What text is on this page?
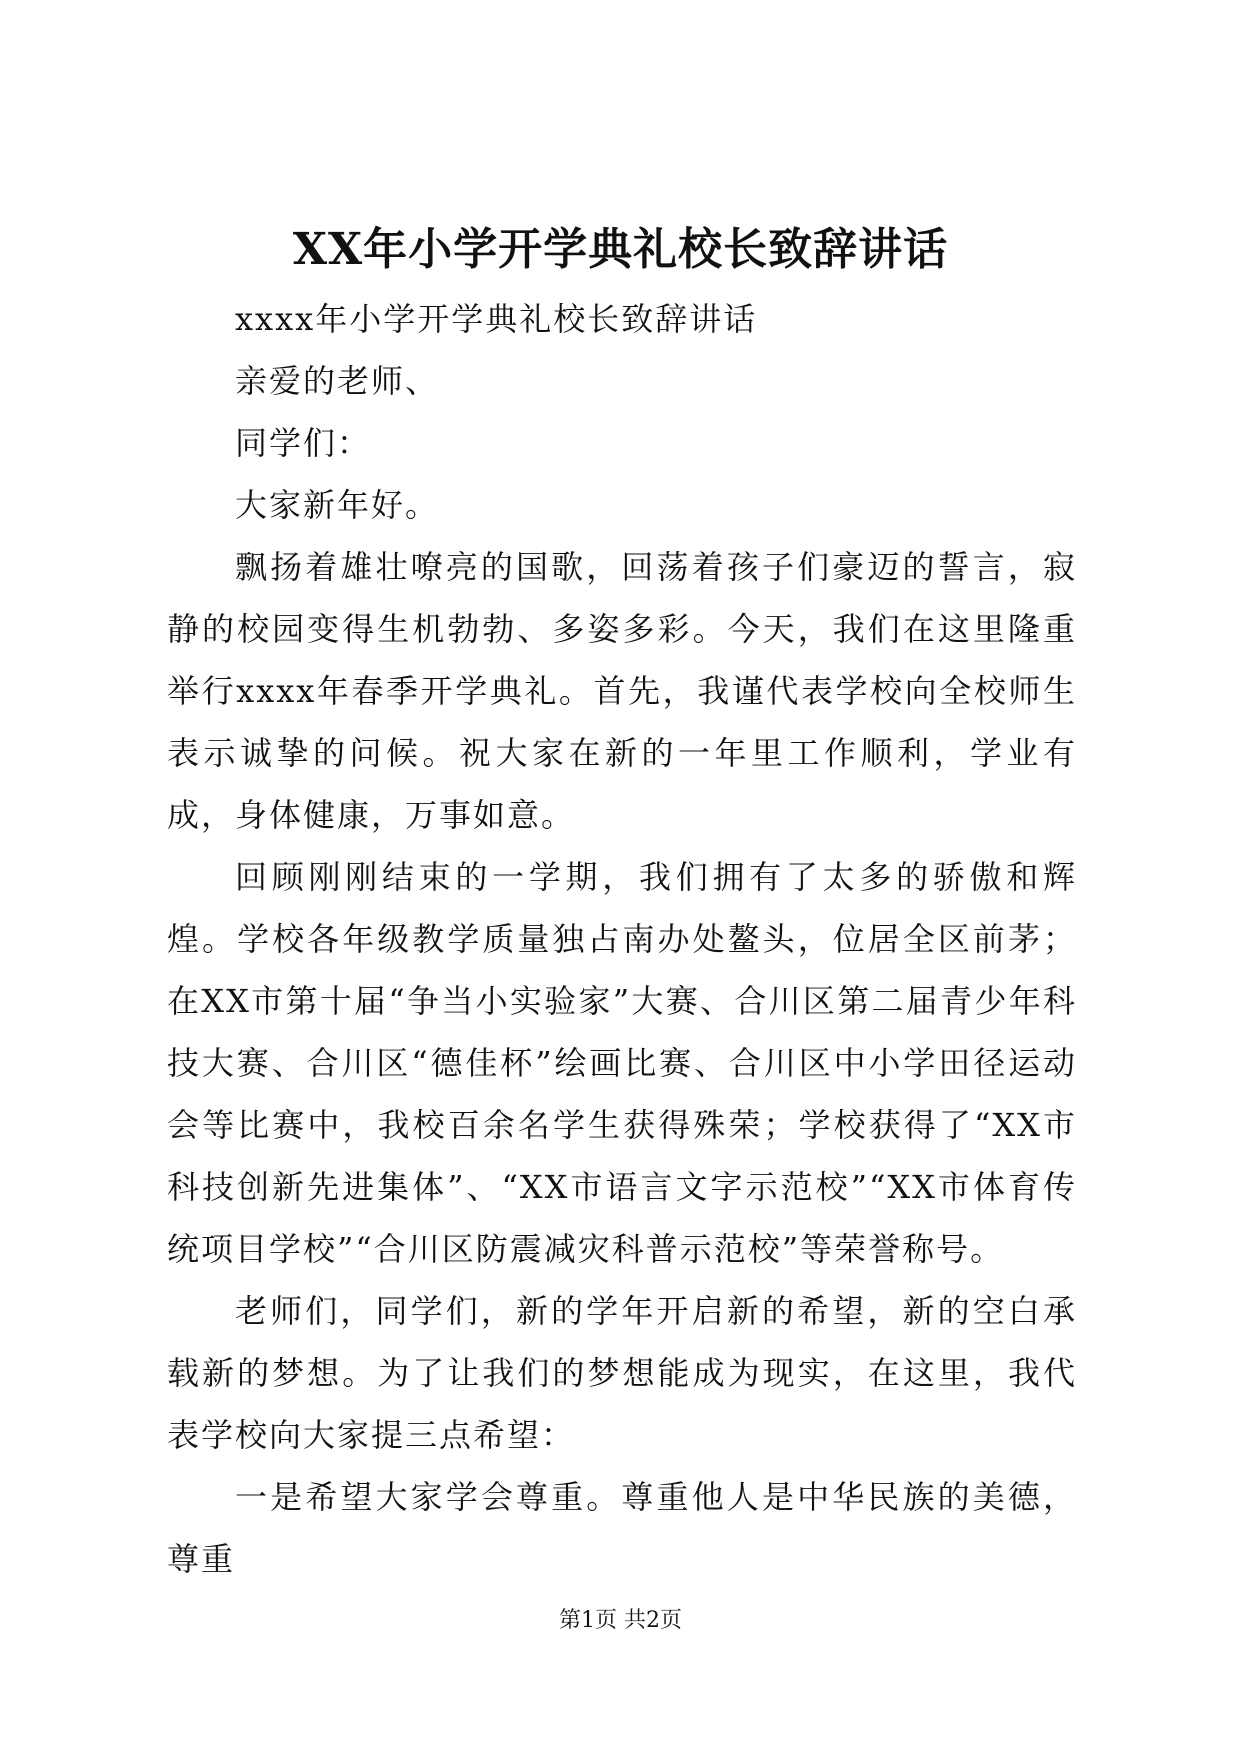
XX年小学开学典礼校长致辞讲话

xxxx年小学开学典礼校长致辞讲话

亲爱的老师、

同学们：

大家新年好。

飘扬着雄壮嘹亮的国歌，回荡着孩子们豪迈的誓言，寂静的校园变得生机勃勃、多姿多彩。今天，我们在这里隆重举行xxxx年春季开学典礼。首先，我谨代表学校向全校师生表示诚挚的问候。祝大家在新的一年里工作顺利，学业有成，身体健康，万事如意。

回顾刚刚结束的一学期，我们拥有了太多的骄傲和辉煌。学校各年级教学质量独占南办处鳌头，位居全区前茅；在XX市第十届“争当小实验家”大赛、合川区第二届青少年科技大赛、合川区“德佳杯”绘画比赛、合川区中小学田径运动会等比赛中，我校百余名学生获得殊荣；学校获得了“XX市科技创新先进集体”、“XX市语言文字示范校”“XX市体育传统项目学校”“合川区防震减灾科普示范校”等荣誉称号。

老师们，同学们，新的学年开启新的希望，新的空白承载新的梦想。为了让我们的梦想能成为现实，在这里，我代表学校向大家提三点希望：

一是希望大家学会尊重。尊重他人是中华民族的美德，尊重

第1页 共2页
